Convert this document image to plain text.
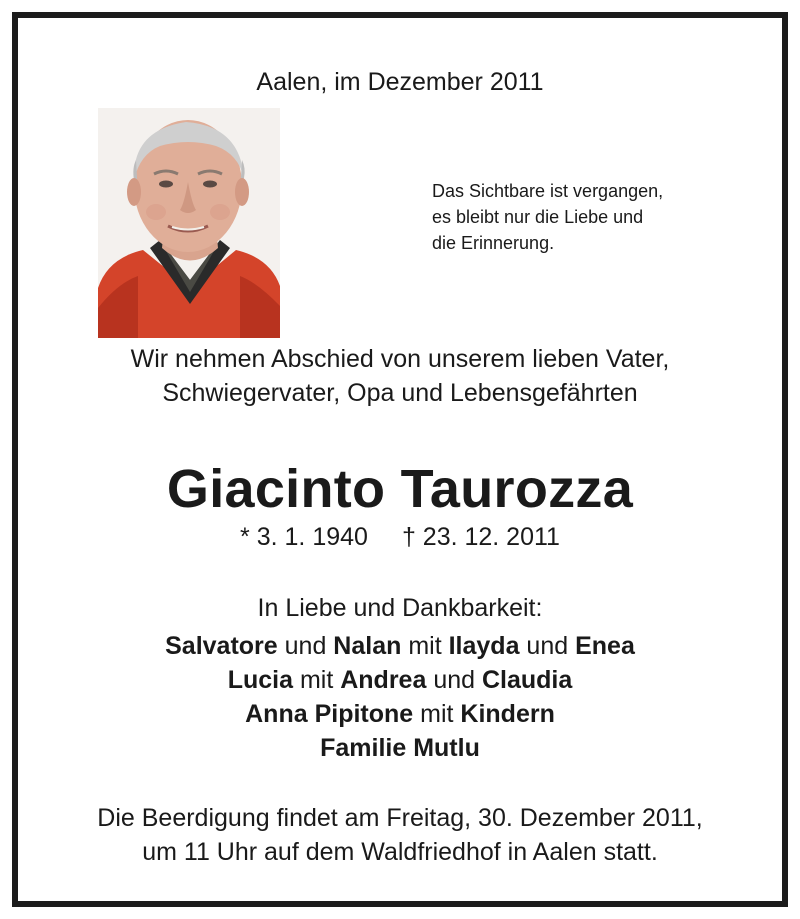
Aalen, im Dezember 2011
Das Sichtbare ist vergangen,
es bleibt nur die Liebe und
die Erinnerung.
Wir nehmen Abschied von unserem lieben Vater,
Schwiegervater, Opa und Lebensgefährten
Giacinto Taurozza
* 3. 1. 1940 † 23. 12. 2011
In Liebe und Dankbarkeit:
Salvatore und Nalan mit Ilayda und Enea
Lucia mit Andrea und Claudia
Anna Pipitone mit Kindern
Familie Mutlu
Die Beerdigung findet am Freitag, 30. Dezember 2011,
um 11 Uhr auf dem Waldfriedhof in Aalen statt.
